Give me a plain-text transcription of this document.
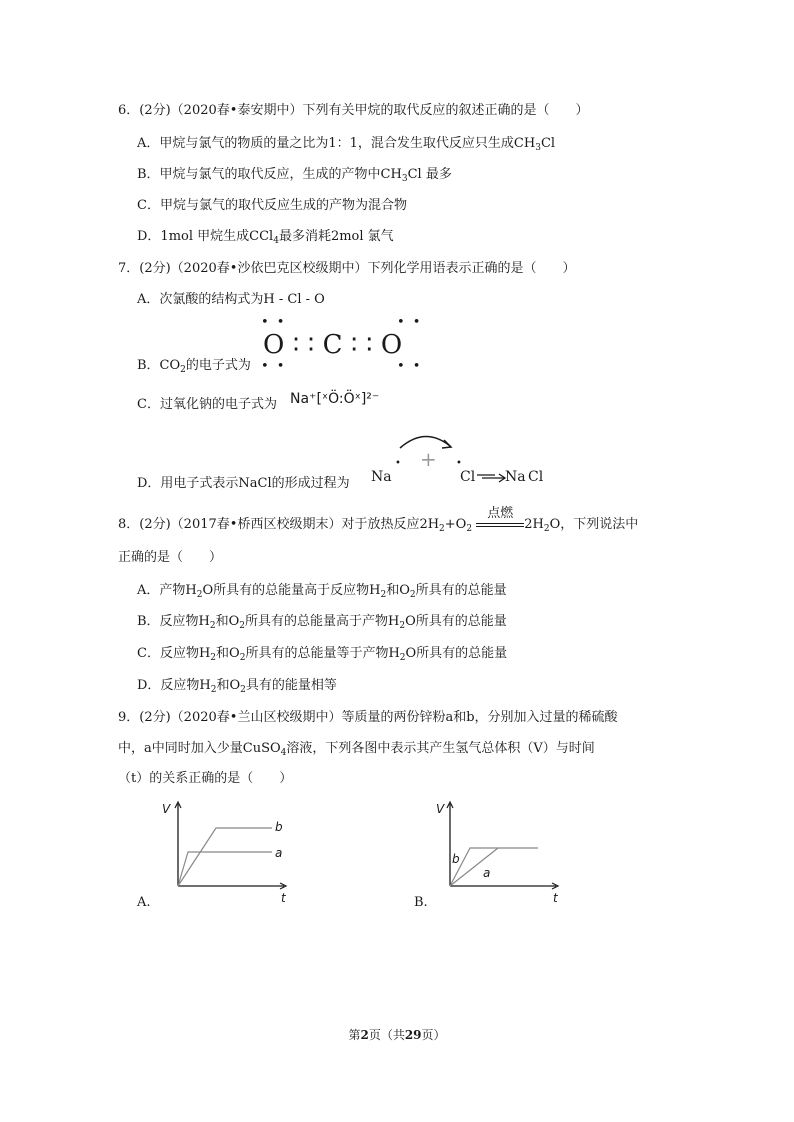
6．(2分)（2020春•泰安期中）下列有关甲烷的取代反应的叙述正确的是（　　）
A．甲烷与氯气的物质的量之比为1：1，混合发生取代反应只生成$CH_3Cl$
B．甲烷与氯气的取代反应，生成的产物中$CH_3Cl$ 最多
C．甲烷与氯气的取代反应生成的产物为混合物
D．1mol 甲烷生成CCl$_4$最多消耗2mol 氯气
7．(2分)（2020春•沙依巴克区校级期中）下列化学用语表示正确的是（　　）
A．次氯酸的结构式为H - Cl - O
B．$CO_2$的电子式为
• •	• •
O ∶ ∶ C ∶ ∶ O
• •	• •
C．过氧化钠的电子式为 Na⁺[ˣÖ:Öˣ]²⁻
D．用电子式表示NaCl的形成过程为 Na
• + •
Cl Na Cl
8．(2分)（2017春•桥西区校级期末）对于放热反应$2H_2+O_2$
点燃
$2H_2O$，下列说法中
正确的是（　　）
A．产物$H_2O$所具有的总能量高于反应物$H_2$和$O_2$所具有的总能量
B．反应物$H_2$和$O_2$所具有的总能量高于产物$H_2O$所具有的总能量
C．反应物$H_2$和$O_2$所具有的总能量等于产物$H_2O$所具有的总能量
D．反应物$H_2$和$O_2$具有的能量相等
9．(2分)（2020春•兰山区校级期中）等质量的两份锌粉a和b，分别加入过量的稀硫酸
中，a中同时加入少量CuSO$_4$溶液，下列各图中表示其产生氢气总体积（V）与时间
（t）的关系正确的是（　　）
V
t
b
a
A.
V
t
b
a
B.
第2页（共29页）
